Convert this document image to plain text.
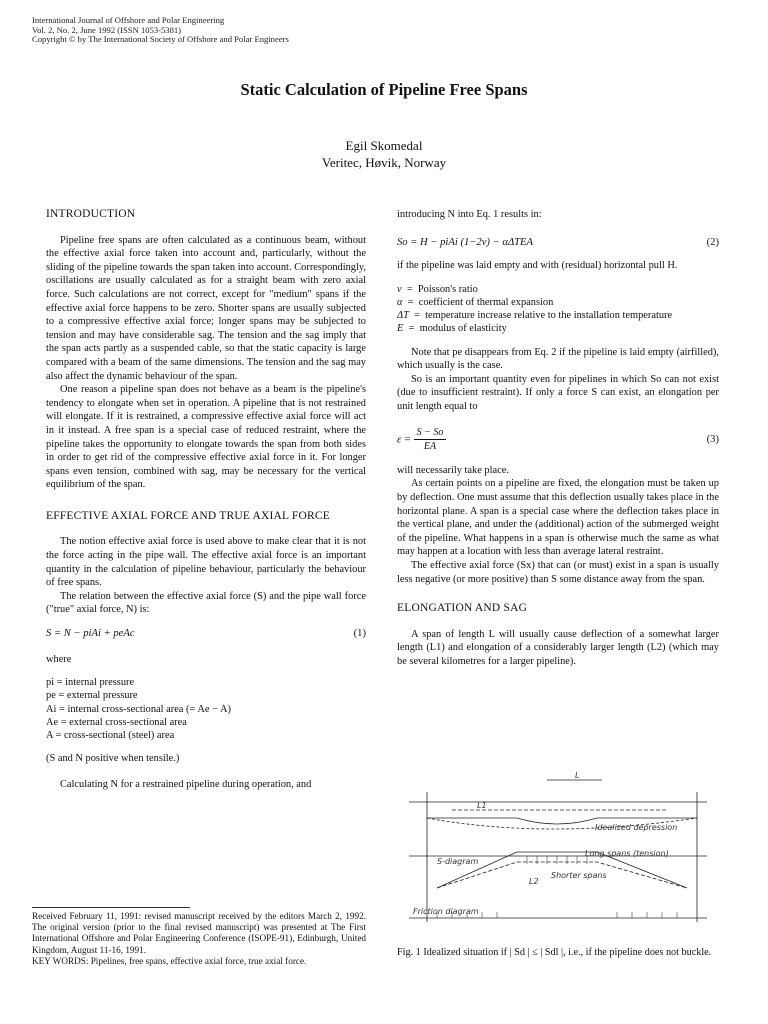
International Journal of Offshore and Polar Engineering
Vol. 2, No. 2, June 1992 (ISSN 1053-5381)
Copyright © by The International Society of Offshore and Polar Engineers
Static Calculation of Pipeline Free Spans
Egil Skomedal
Veritec, Høvik, Norway
INTRODUCTION

Pipeline free spans are often calculated as a continuous beam, without the effective axial force taken into account and, particularly, without the sliding of the pipeline towards the span taken into account. Correspondingly, oscillations are usually calculated as for a straight beam with zero axial force. Such calculations are not correct, except for "medium" spans if the effective axial force happens to be zero. Shorter spans are usually subjected to a compressive effective axial force; longer spans may be subjected to tension and may have considerable sag. The tension and the sag imply that the span acts partly as a suspended cable, so that the static capacity is large compared with a beam of the same dimensions. The tension and the sag may also affect the dynamic behaviour of the span.

One reason a pipeline span does not behave as a beam is the pipeline's tendency to elongate when set in operation. A pipeline that is not restrained will elongate. If it is restrained, a compressive effective axial force will act in it instead. A free span is a special case of reduced restraint, where the pipeline takes the opportunity to elongate towards the span from both sides in order to get rid of the compressive effective axial force in it. For longer spans even tension, combined with sag, may be necessary for the vertical equilibrium of the span.

EFFECTIVE AXIAL FORCE AND TRUE AXIAL FORCE

The notion effective axial force is used above to make clear that it is not the force acting in the pipe wall. The effective axial force is an important quantity in the calculation of pipeline behaviour, particularly the behaviour of free spans.

The relation between the effective axial force (S) and the pipe wall force ("true" axial force, N) is:

S = N − piAi + peAc	(1)
where
pi = internal pressure
pe = external pressure
Ai = internal cross-sectional area (= Ae − A)
Ae = external cross-sectional area
A = cross-sectional (steel) area
(S and N positive when tensile.)

Calculating N for a restrained pipeline during operation, and

Received February 11, 1991: revised manuscript received by the editors March 2, 1992. The original version (prior to the final revised manuscript) was presented at The First International Offshore and Polar Engineering Conference (ISOPE-91), Edinburgh, United Kingdom, August 11-16, 1991.
KEY WORDS: Pipelines, free spans, effective axial force, true axial force.
introducing N into Eq. 1 results in:
So = H − piAi (1−2ν) − αΔTEA	(2)
if the pipeline was laid empty and with (residual) horizontal pull H.
ν  =  Poisson's ratio
α  =  coefficient of thermal expansion
ΔT  =  temperature increase relative to the installation temperature
E  =  modulus of elasticity

Note that pe disappears from Eq. 2 if the pipeline is laid empty (airfilled), which usually is the case.

So is an important quantity even for pipelines in which So can not exist (due to insufficient restraint). If only a force S can exist, an elongation per unit length equal to

$\varepsilon = \frac{S - So}{EA}$	(3)
will necessarily take place.

As certain points on a pipeline are fixed, the elongation must be taken up by deflection. One must assume that this deflection usually takes place in the horizontal plane. A span is a special case where the deflection takes place in the vertical plane, and under the (additional) action of the submerged weight of the pipeline. What happens in a span is otherwise much the same as what may happen at a location with less than average lateral restraint.

The effective axial force (Sx) that can (or must) exist in a span is usually less negative (or more positive) than S some distance away from the span.

ELONGATION AND SAG

A span of length L will usually cause deflection of a somewhat larger length (L1) and elongation of a considerably larger length (L2) (which may be several kilometres for a larger pipeline).

L
L1
L2
Idealized depression
Long spans (tension)
Shorter spans
S-diagram
Friction diagram
Fig. 1 Idealized situation if | Sd | ≤ | Sdl |, i.e., if the pipeline does not buckle.
